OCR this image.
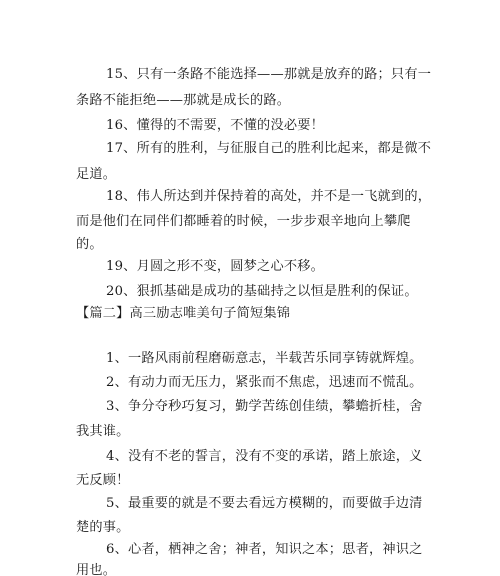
15、只有一条路不能选择——那就是放弃的路；只有一
条路不能拒绝——那就是成长的路。
16、懂得的不需要，不懂的没必要！
17、所有的胜利，与征服自己的胜利比起来，都是微不
足道。
18、伟人所达到并保持着的高处，并不是一飞就到的，
而是他们在同伴们都睡着的时候，一步步艰辛地向上攀爬
的。
19、月圆之形不变，圆梦之心不移。
20、狠抓基础是成功的基础持之以恒是胜利的保证。
【篇二】高三励志唯美句子简短集锦
1、一路风雨前程磨砺意志，半载苦乐同享铸就辉煌。
2、有动力而无压力，紧张而不焦虑，迅速而不慌乱。
3、争分夺秒巧复习，勤学苦练创佳绩，攀蟾折桂，舍
我其谁。
4、没有不老的誓言，没有不变的承诺，踏上旅途，义
无反顾！
5、最重要的就是不要去看远方模糊的，而要做手边清
楚的事。
6、心者，栖神之舍；神者，知识之本；思者，神识之
用也。
